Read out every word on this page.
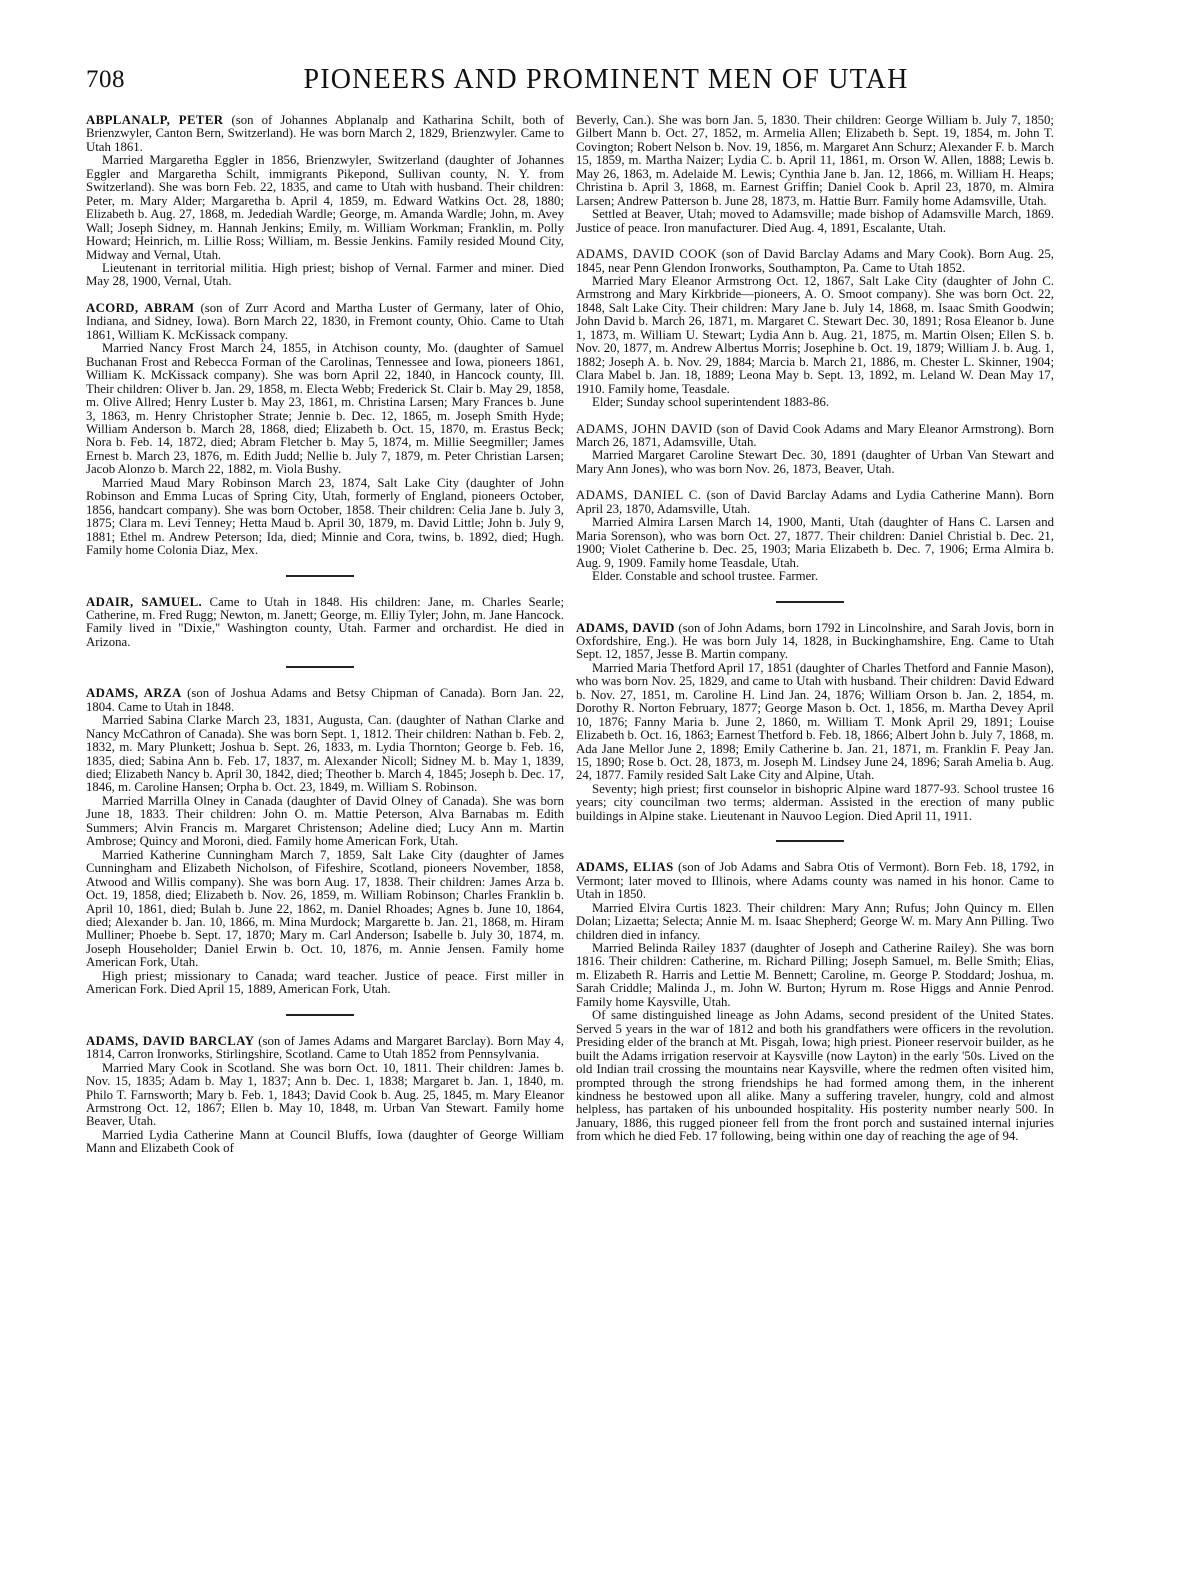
708	PIONEERS AND PROMINENT MEN OF UTAH

ABPLANALP, PETER (son of Johannes Abplanalp and Katharina Schilt, both of Brienzwyler, Canton Bern, Switzerland). He was born March 2, 1829, Brienzwyler. Came to Utah 1861.

Married Margaretha Eggler in 1856, Brienzwyler, Switzerland (daughter of Johannes Eggler and Margaretha Schilt, immigrants Pikepond, Sullivan county, N. Y. from Switzerland). She was born Feb. 22, 1835, and came to Utah with husband. Their children: Peter, m. Mary Alder; Margaretha b. April 4, 1859, m. Edward Watkins Oct. 28, 1880; Elizabeth b. Aug. 27, 1868, m. Jedediah Wardle; George, m. Amanda Wardle; John, m. Avey Wall; Joseph Sidney, m. Hannah Jenkins; Emily, m. William Workman; Franklin, m. Polly Howard; Heinrich, m. Lillie Ross; William, m. Bessie Jenkins. Family resided Mound City, Midway and Vernal, Utah.

Lieutenant in territorial militia. High priest; bishop of Vernal. Farmer and miner. Died May 28, 1900, Vernal, Utah.

ACORD, ABRAM (son of Zurr Acord and Martha Luster of Germany, later of Ohio, Indiana, and Sidney, Iowa). Born March 22, 1830, in Fremont county, Ohio. Came to Utah 1861, William K. McKissack company.

Married Nancy Frost March 24, 1855, in Atchison county, Mo. (daughter of Samuel Buchanan Frost and Rebecca Forman of the Carolinas, Tennessee and Iowa, pioneers 1861, William K. McKissack company). She was born April 22, 1840, in Hancock county, Ill. Their children: Oliver b. Jan. 29, 1858, m. Electa Webb; Frederick St. Clair b. May 29, 1858, m. Olive Allred; Henry Luster b. May 23, 1861, m. Christina Larsen; Mary Frances b. June 3, 1863, m. Henry Christopher Strate; Jennie b. Dec. 12, 1865, m. Joseph Smith Hyde; William Anderson b. March 28, 1868, died; Elizabeth b. Oct. 15, 1870, m. Erastus Beck; Nora b. Feb. 14, 1872, died; Abram Fletcher b. May 5, 1874, m. Millie Seegmiller; James Ernest b. March 23, 1876, m. Edith Judd; Nellie b. July 7, 1879, m. Peter Christian Larsen; Jacob Alonzo b. March 22, 1882, m. Viola Bushy.

Married Maud Mary Robinson March 23, 1874, Salt Lake City (daughter of John Robinson and Emma Lucas of Spring City, Utah, formerly of England, pioneers October, 1856, handcart company). She was born October, 1858. Their children: Celia Jane b. July 3, 1875; Clara m. Levi Tenney; Hetta Maud b. April 30, 1879, m. David Little; John b. July 9, 1881; Ethel m. Andrew Peterson; Ida, died; Minnie and Cora, twins, b. 1892, died; Hugh. Family home Colonia Diaz, Mex.

ADAIR, SAMUEL. Came to Utah in 1848. His children: Jane, m. Charles Searle; Catherine, m. Fred Rugg; Newton, m. Janett; George, m. Elliy Tyler; John, m. Jane Hancock. Family lived in "Dixie," Washington county, Utah. Farmer and orchardist. He died in Arizona.

ADAMS, ARZA (son of Joshua Adams and Betsy Chipman of Canada). Born Jan. 22, 1804. Came to Utah in 1848.

Married Sabina Clarke March 23, 1831, Augusta, Can. (daughter of Nathan Clarke and Nancy McCathron of Canada). She was born Sept. 1, 1812. Their children: Nathan b. Feb. 2, 1832, m. Mary Plunkett; Joshua b. Sept. 26, 1833, m. Lydia Thornton; George b. Feb. 16, 1835, died; Sabina Ann b. Feb. 17, 1837, m. Alexander Nicoll; Sidney M. b. May 1, 1839, died; Elizabeth Nancy b. April 30, 1842, died; Theother b. March 4, 1845; Joseph b. Dec. 17, 1846, m. Caroline Hansen; Orpha b. Oct. 23, 1849, m. William S. Robinson.

Married Marrilla Olney in Canada (daughter of David Olney of Canada). She was born June 18, 1833. Their children: John O. m. Mattie Peterson, Alva Barnabas m. Edith Summers; Alvin Francis m. Margaret Christenson; Adeline died; Lucy Ann m. Martin Ambrose; Quincy and Moroni, died. Family home American Fork, Utah.

Married Katherine Cunningham March 7, 1859, Salt Lake City (daughter of James Cunningham and Elizabeth Nicholson, of Fifeshire, Scotland, pioneers November, 1858, Atwood and Willis company). She was born Aug. 17, 1838. Their children: James Arza b. Oct. 19, 1858, died; Elizabeth b. Nov. 26, 1859, m. William Robinson; Charles Franklin b. April 10, 1861, died; Bulah b. June 22, 1862, m. Daniel Rhoades; Agnes b. June 10, 1864, died; Alexander b. Jan. 10, 1866, m. Mina Murdock; Margarette b. Jan. 21, 1868, m. Hiram Mulliner; Phoebe b. Sept. 17, 1870; Mary m. Carl Anderson; Isabelle b. July 30, 1874, m. Joseph Householder; Daniel Erwin b. Oct. 10, 1876, m. Annie Jensen. Family home American Fork, Utah.

High priest; missionary to Canada; ward teacher. Justice of peace. First miller in American Fork. Died April 15, 1889, American Fork, Utah.

ADAMS, DAVID BARCLAY (son of James Adams and Margaret Barclay). Born May 4, 1814, Carron Ironworks, Stirlingshire, Scotland. Came to Utah 1852 from Pennsylvania.

Married Mary Cook in Scotland. She was born Oct. 10, 1811. Their children: James b. Nov. 15, 1835; Adam b. May 1, 1837; Ann b. Dec. 1, 1838; Margaret b. Jan. 1, 1840, m. Philo T. Farnsworth; Mary b. Feb. 1, 1843; David Cook b. Aug. 25, 1845, m. Mary Eleanor Armstrong Oct. 12, 1867; Ellen b. May 10, 1848, m. Urban Van Stewart. Family home Beaver, Utah.

Married Lydia Catherine Mann at Council Bluffs, Iowa (daughter of George William Mann and Elizabeth Cook of

Beverly, Can.). She was born Jan. 5, 1830. Their children: George William b. July 7, 1850; Gilbert Mann b. Oct. 27, 1852, m. Armelia Allen; Elizabeth b. Sept. 19, 1854, m. John T. Covington; Robert Nelson b. Nov. 19, 1856, m. Margaret Ann Schurz; Alexander F. b. March 15, 1859, m. Martha Naizer; Lydia C. b. April 11, 1861, m. Orson W. Allen, 1888; Lewis b. May 26, 1863, m. Adelaide M. Lewis; Cynthia Jane b. Jan. 12, 1866, m. William H. Heaps; Christina b. April 3, 1868, m. Earnest Griffin; Daniel Cook b. April 23, 1870, m. Almira Larsen; Andrew Patterson b. June 28, 1873, m. Hattie Burr. Family home Adamsville, Utah.

Settled at Beaver, Utah; moved to Adamsville; made bishop of Adamsville March, 1869. Justice of peace. Iron manufacturer. Died Aug. 4, 1891, Escalante, Utah.

ADAMS, DAVID COOK (son of David Barclay Adams and Mary Cook). Born Aug. 25, 1845, near Penn Glendon Ironworks, Southampton, Pa. Came to Utah 1852.

Married Mary Eleanor Armstrong Oct. 12, 1867, Salt Lake City (daughter of John C. Armstrong and Mary Kirkbride—pioneers, A. O. Smoot company). She was born Oct. 22, 1848, Salt Lake City. Their children: Mary Jane b. July 14, 1868, m. Isaac Smith Goodwin; John David b. March 26, 1871, m. Margaret C. Stewart Dec. 30, 1891; Rosa Eleanor b. June 1, 1873, m. William U. Stewart; Lydia Ann b. Aug. 21, 1875, m. Martin Olsen; Ellen S. b. Nov. 20, 1877, m. Andrew Albertus Morris; Josephine b. Oct. 19, 1879; William J. b. Aug. 1, 1882; Joseph A. b. Nov. 29, 1884; Marcia b. March 21, 1886, m. Chester L. Skinner, 1904; Clara Mabel b. Jan. 18, 1889; Leona May b. Sept. 13, 1892, m. Leland W. Dean May 17, 1910. Family home, Teasdale.

Elder; Sunday school superintendent 1883-86.

ADAMS, JOHN DAVID (son of David Cook Adams and Mary Eleanor Armstrong). Born March 26, 1871, Adamsville, Utah.

Married Margaret Caroline Stewart Dec. 30, 1891 (daughter of Urban Van Stewart and Mary Ann Jones), who was born Nov. 26, 1873, Beaver, Utah.

ADAMS, DANIEL C. (son of David Barclay Adams and Lydia Catherine Mann). Born April 23, 1870, Adamsville, Utah.

Married Almira Larsen March 14, 1900, Manti, Utah (daughter of Hans C. Larsen and Maria Sorenson), who was born Oct. 27, 1877. Their children: Daniel Christial b. Dec. 21, 1900; Violet Catherine b. Dec. 25, 1903; Maria Elizabeth b. Dec. 7, 1906; Erma Almira b. Aug. 9, 1909. Family home Teasdale, Utah.

Elder. Constable and school trustee. Farmer.

ADAMS, DAVID (son of John Adams, born 1792 in Lincolnshire, and Sarah Jovis, born in Oxfordshire, Eng.). He was born July 14, 1828, in Buckinghamshire, Eng. Came to Utah Sept. 12, 1857, Jesse B. Martin company.

Married Maria Thetford April 17, 1851 (daughter of Charles Thetford and Fannie Mason), who was born Nov. 25, 1829, and came to Utah with husband. Their children: David Edward b. Nov. 27, 1851, m. Caroline H. Lind Jan. 24, 1876; William Orson b. Jan. 2, 1854, m. Dorothy R. Norton February, 1877; George Mason b. Oct. 1, 1856, m. Martha Devey April 10, 1876; Fanny Maria b. June 2, 1860, m. William T. Monk April 29, 1891; Louise Elizabeth b. Oct. 16, 1863; Earnest Thetford b. Feb. 18, 1866; Albert John b. July 7, 1868, m. Ada Jane Mellor June 2, 1898; Emily Catherine b. Jan. 21, 1871, m. Franklin F. Peay Jan. 15, 1890; Rose b. Oct. 28, 1873, m. Joseph M. Lindsey June 24, 1896; Sarah Amelia b. Aug. 24, 1877. Family resided Salt Lake City and Alpine, Utah.

Seventy; high priest; first counselor in bishopric Alpine ward 1877-93. School trustee 16 years; city councilman two terms; alderman. Assisted in the erection of many public buildings in Alpine stake. Lieutenant in Nauvoo Legion. Died April 11, 1911.

ADAMS, ELIAS (son of Job Adams and Sabra Otis of Vermont). Born Feb. 18, 1792, in Vermont; later moved to Illinois, where Adams county was named in his honor. Came to Utah in 1850.

Married Elvira Curtis 1823. Their children: Mary Ann; Rufus; John Quincy m. Ellen Dolan; Lizaetta; Selecta; Annie M. m. Isaac Shepherd; George W. m. Mary Ann Pilling. Two children died in infancy.

Married Belinda Railey 1837 (daughter of Joseph and Catherine Railey). She was born 1816. Their children: Catherine, m. Richard Pilling; Joseph Samuel, m. Belle Smith; Elias, m. Elizabeth R. Harris and Lettie M. Bennett; Caroline, m. George P. Stoddard; Joshua, m. Sarah Criddle; Malinda J., m. John W. Burton; Hyrum m. Rose Higgs and Annie Penrod. Family home Kaysville, Utah.

Of same distinguished lineage as John Adams, second president of the United States. Served 5 years in the war of 1812 and both his grandfathers were officers in the revolution. Presiding elder of the branch at Mt. Pisgah, Iowa; high priest. Pioneer reservoir builder, as he built the Adams irrigation reservoir at Kaysville (now Layton) in the early '50s. Lived on the old Indian trail crossing the mountains near Kaysville, where the redmen often visited him, prompted through the strong friendships he had formed among them, in the inherent kindness he bestowed upon all alike. Many a suffering traveler, hungry, cold and almost helpless, has partaken of his unbounded hospitality. His posterity number nearly 500. In January, 1886, this rugged pioneer fell from the front porch and sustained internal injuries from which he died Feb. 17 following, being within one day of reaching the age of 94.
